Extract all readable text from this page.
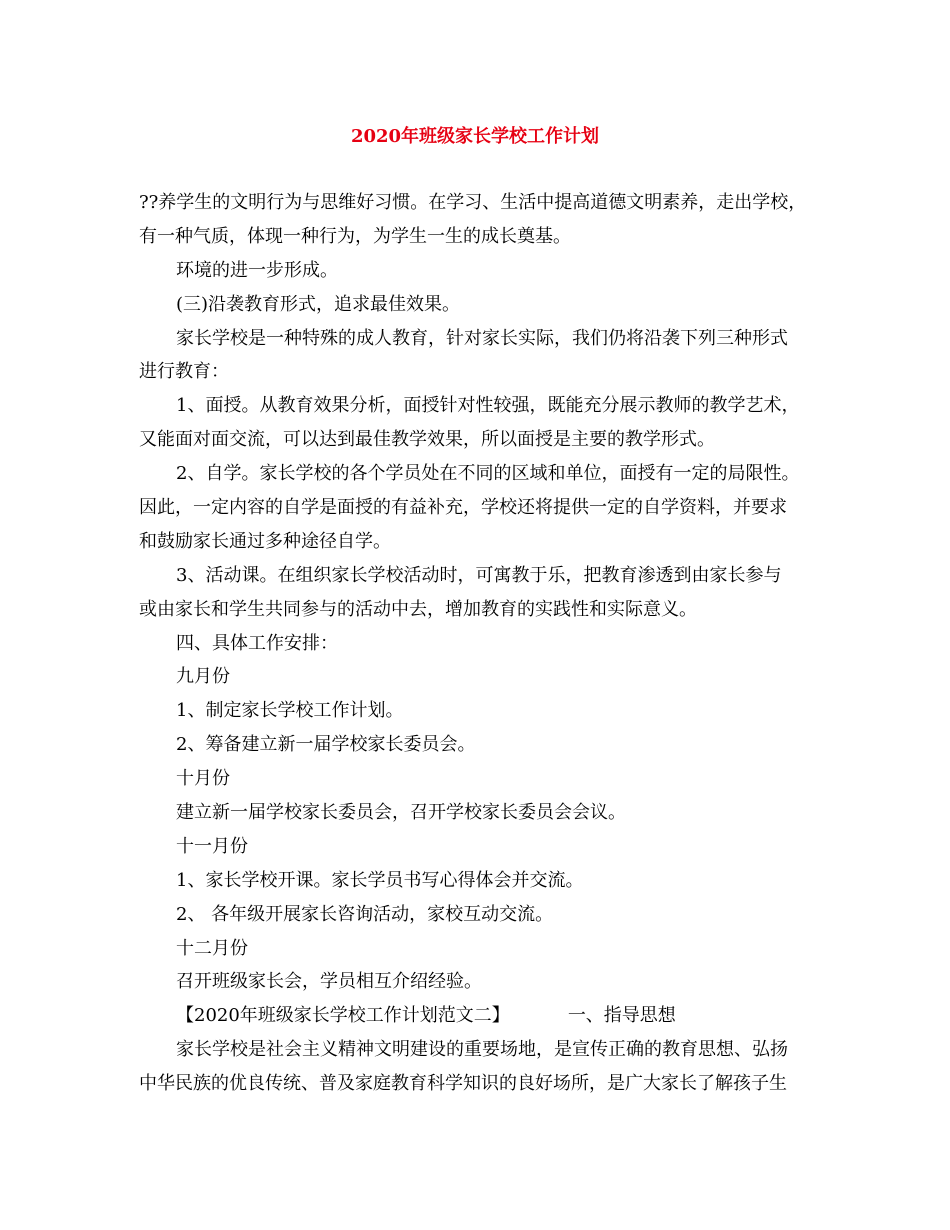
2020年班级家长学校工作计划

??养学生的文明行为与思维好习惯。在学习、生活中提高道德文明素养，走出学校，

有一种气质，体现一种行为，为学生一生的成长奠基。

环境的进一步形成。

(三)沿袭教育形式，追求最佳效果。

家长学校是一种特殊的成人教育，针对家长实际，我们仍将沿袭下列三种形式

进行教育：

1、面授。从教育效果分析，面授针对性较强，既能充分展示教师的教学艺术，

又能面对面交流，可以达到最佳教学效果，所以面授是主要的教学形式。

2、自学。家长学校的各个学员处在不同的区域和单位，面授有一定的局限性。

因此，一定内容的自学是面授的有益补充，学校还将提供一定的自学资料，并要求

和鼓励家长通过多种途径自学。

3、活动课。在组织家长学校活动时，可寓教于乐，把教育渗透到由家长参与

或由家长和学生共同参与的活动中去，增加教育的实践性和实际意义。

四、具体工作安排：

九月份

1、制定家长学校工作计划。

2、筹备建立新一届学校家长委员会。

十月份

建立新一届学校家长委员会，召开学校家长委员会会议。

十一月份

1、家长学校开课。家长学员书写心得体会并交流。

2、 各年级开展家长咨询活动，家校互动交流。

十二月份

召开班级家长会，学员相互介绍经验。

【2020年班级家长学校工作计划范文二】	一、指导思想

家长学校是社会主义精神文明建设的重要场地，是宣传正确的教育思想、弘扬

中华民族的优良传统、普及家庭教育科学知识的良好场所，是广大家长了解孩子生
